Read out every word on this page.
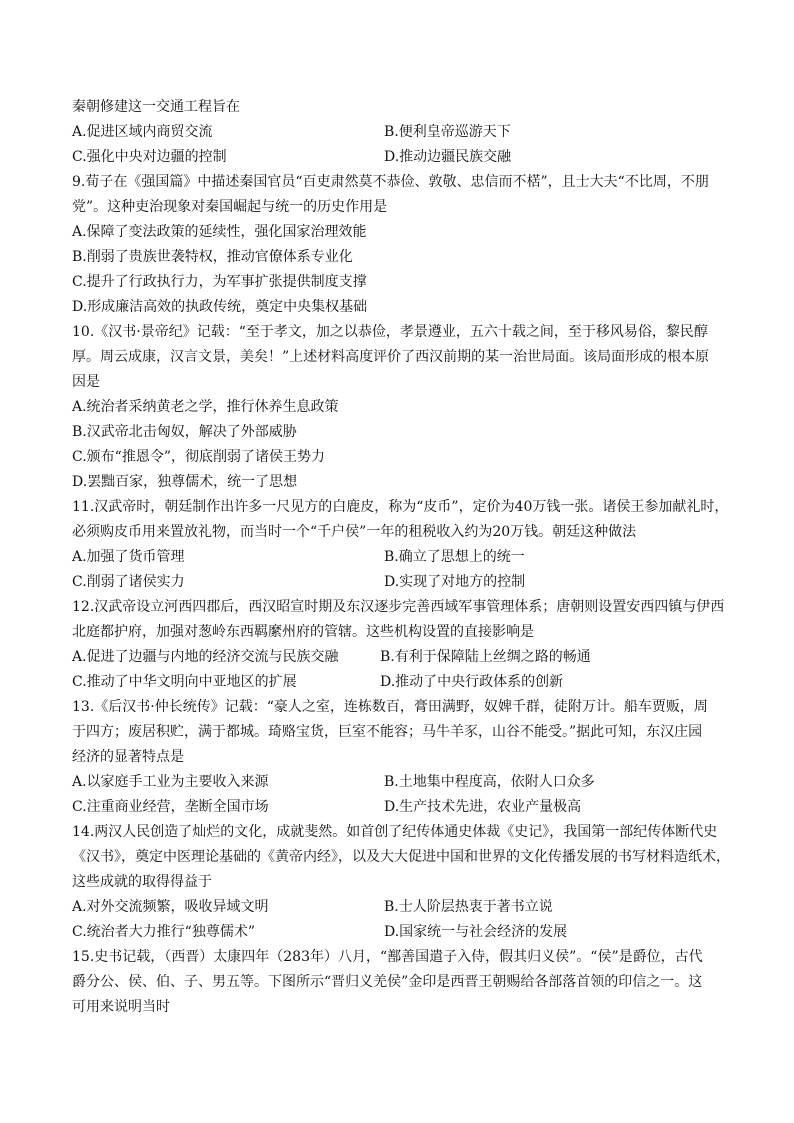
秦朝修建这一交通工程旨在
A.促进区域内商贸交流	B.便利皇帝巡游天下
C.强化中央对边疆的控制	D.推动边疆民族交融
9.荀子在《强国篇》中描述秦国官员“百吏肃然莫不恭俭、敦敬、忠信而不楛”，且士大夫“不比周，不朋
党”。这种吏治现象对秦国崛起与统一的历史作用是
A.保障了变法政策的延续性，强化国家治理效能
B.削弱了贵族世袭特权，推动官僚体系专业化
C.提升了行政执行力，为军事扩张提供制度支撑
D.形成廉洁高效的执政传统，奠定中央集权基础
10.《汉书·景帝纪》记载：“至于孝文，加之以恭俭，孝景遵业，五六十载之间，至于移风易俗，黎民醇
厚。周云成康，汉言文景，美矣！”上述材料高度评价了西汉前期的某一治世局面。该局面形成的根本原
因是
A.统治者采纳黄老之学，推行休养生息政策
B.汉武帝北击匈奴，解决了外部威胁
C.颁布“推恩令”，彻底削弱了诸侯王势力
D.罢黜百家，独尊儒术，统一了思想
11.汉武帝时，朝廷制作出许多一尺见方的白鹿皮，称为“皮币”，定价为40万钱一张。诸侯王参加献礼时，
必须购皮币用来置放礼物，而当时一个“千户侯”一年的租税收入约为20万钱。朝廷这种做法
A.加强了货币管理	B.确立了思想上的统一
C.削弱了诸侯实力	D.实现了对地方的控制
12.汉武帝设立河西四郡后，西汉昭宣时期及东汉逐步完善西域军事管理体系；唐朝则设置安西四镇与伊西
北庭都护府，加强对葱岭东西羁縻州府的管辖。这些机构设置的直接影响是
A.促进了边疆与内地的经济交流与民族交融	B.有利于保障陆上丝绸之路的畅通
C.推动了中华文明向中亚地区的扩展	D.推动了中央行政体系的创新
13.《后汉书·仲长统传》记载：“豪人之室，连栋数百，膏田满野，奴婢千群，徒附万计。船车贾贩，周
于四方；废居积贮，满于都城。琦赂宝货，巨室不能容；马牛羊豕，山谷不能受。”据此可知，东汉庄园
经济的显著特点是
A.以家庭手工业为主要收入来源	B.土地集中程度高，依附人口众多
C.注重商业经营，垄断全国市场	D.生产技术先进，农业产量极高
14.两汉人民创造了灿烂的文化，成就斐然。如首创了纪传体通史体裁《史记》，我国第一部纪传体断代史
《汉书》，奠定中医理论基础的《黄帝内经》，以及大大促进中国和世界的文化传播发展的书写材料造纸术，
这些成就的取得得益于
A.对外交流频繁，吸收异域文明	B.士人阶层热衷于著书立说
C.统治者大力推行“独尊儒术”	D.国家统一与社会经济的发展
15.史书记载，（西晋）太康四年（283年）八月，“鄯善国遣子入侍，假其归义侯”。“侯”是爵位，古代
爵分公、侯、伯、子、男五等。下图所示“晋归义羌侯”金印是西晋王朝赐给各部落首领的印信之一。这
可用来说明当时
